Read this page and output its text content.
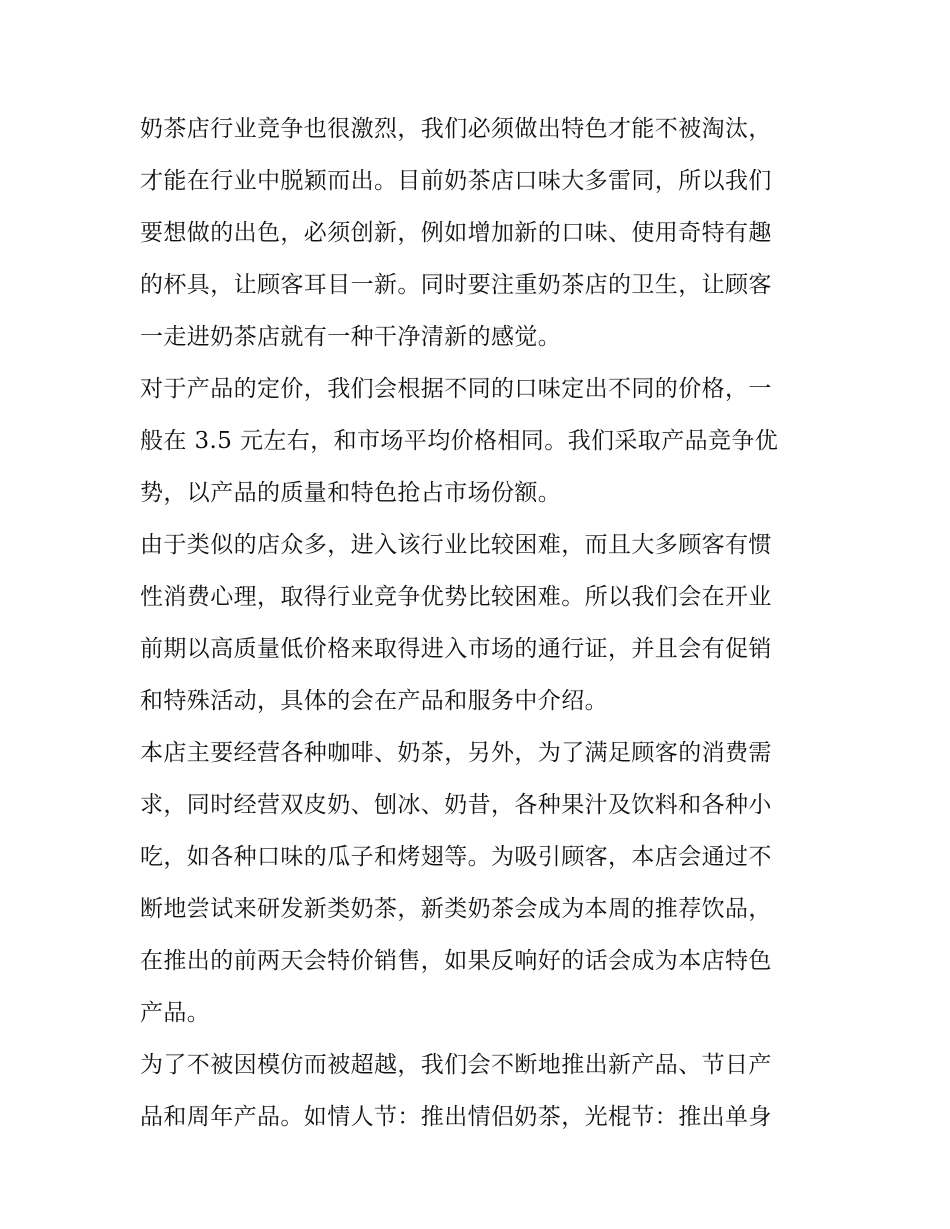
奶茶店行业竞争也很激烈，我们必须做出特色才能不被淘汰，
才能在行业中脱颖而出。目前奶茶店口味大多雷同，所以我们
要想做的出色，必须创新，例如增加新的口味、使用奇特有趣
的杯具，让顾客耳目一新。同时要注重奶茶店的卫生，让顾客
一走进奶茶店就有一种干净清新的感觉。
对于产品的定价，我们会根据不同的口味定出不同的价格，一
般在 3.5 元左右，和市场平均价格相同。我们采取产品竞争优
势，以产品的质量和特色抢占市场份额。
由于类似的店众多，进入该行业比较困难，而且大多顾客有惯
性消费心理，取得行业竞争优势比较困难。所以我们会在开业
前期以高质量低价格来取得进入市场的通行证，并且会有促销
和特殊活动，具体的会在产品和服务中介绍。
本店主要经营各种咖啡、奶茶，另外，为了满足顾客的消费需
求，同时经营双皮奶、刨冰、奶昔，各种果汁及饮料和各种小
吃，如各种口味的瓜子和烤翅等。为吸引顾客，本店会通过不
断地尝试来研发新类奶茶，新类奶茶会成为本周的推荐饮品，
在推出的前两天会特价销售，如果反响好的话会成为本店特色
产品。
为了不被因模仿而被超越，我们会不断地推出新产品、节日产
品和周年产品。如情人节：推出情侣奶茶，光棍节：推出单身
